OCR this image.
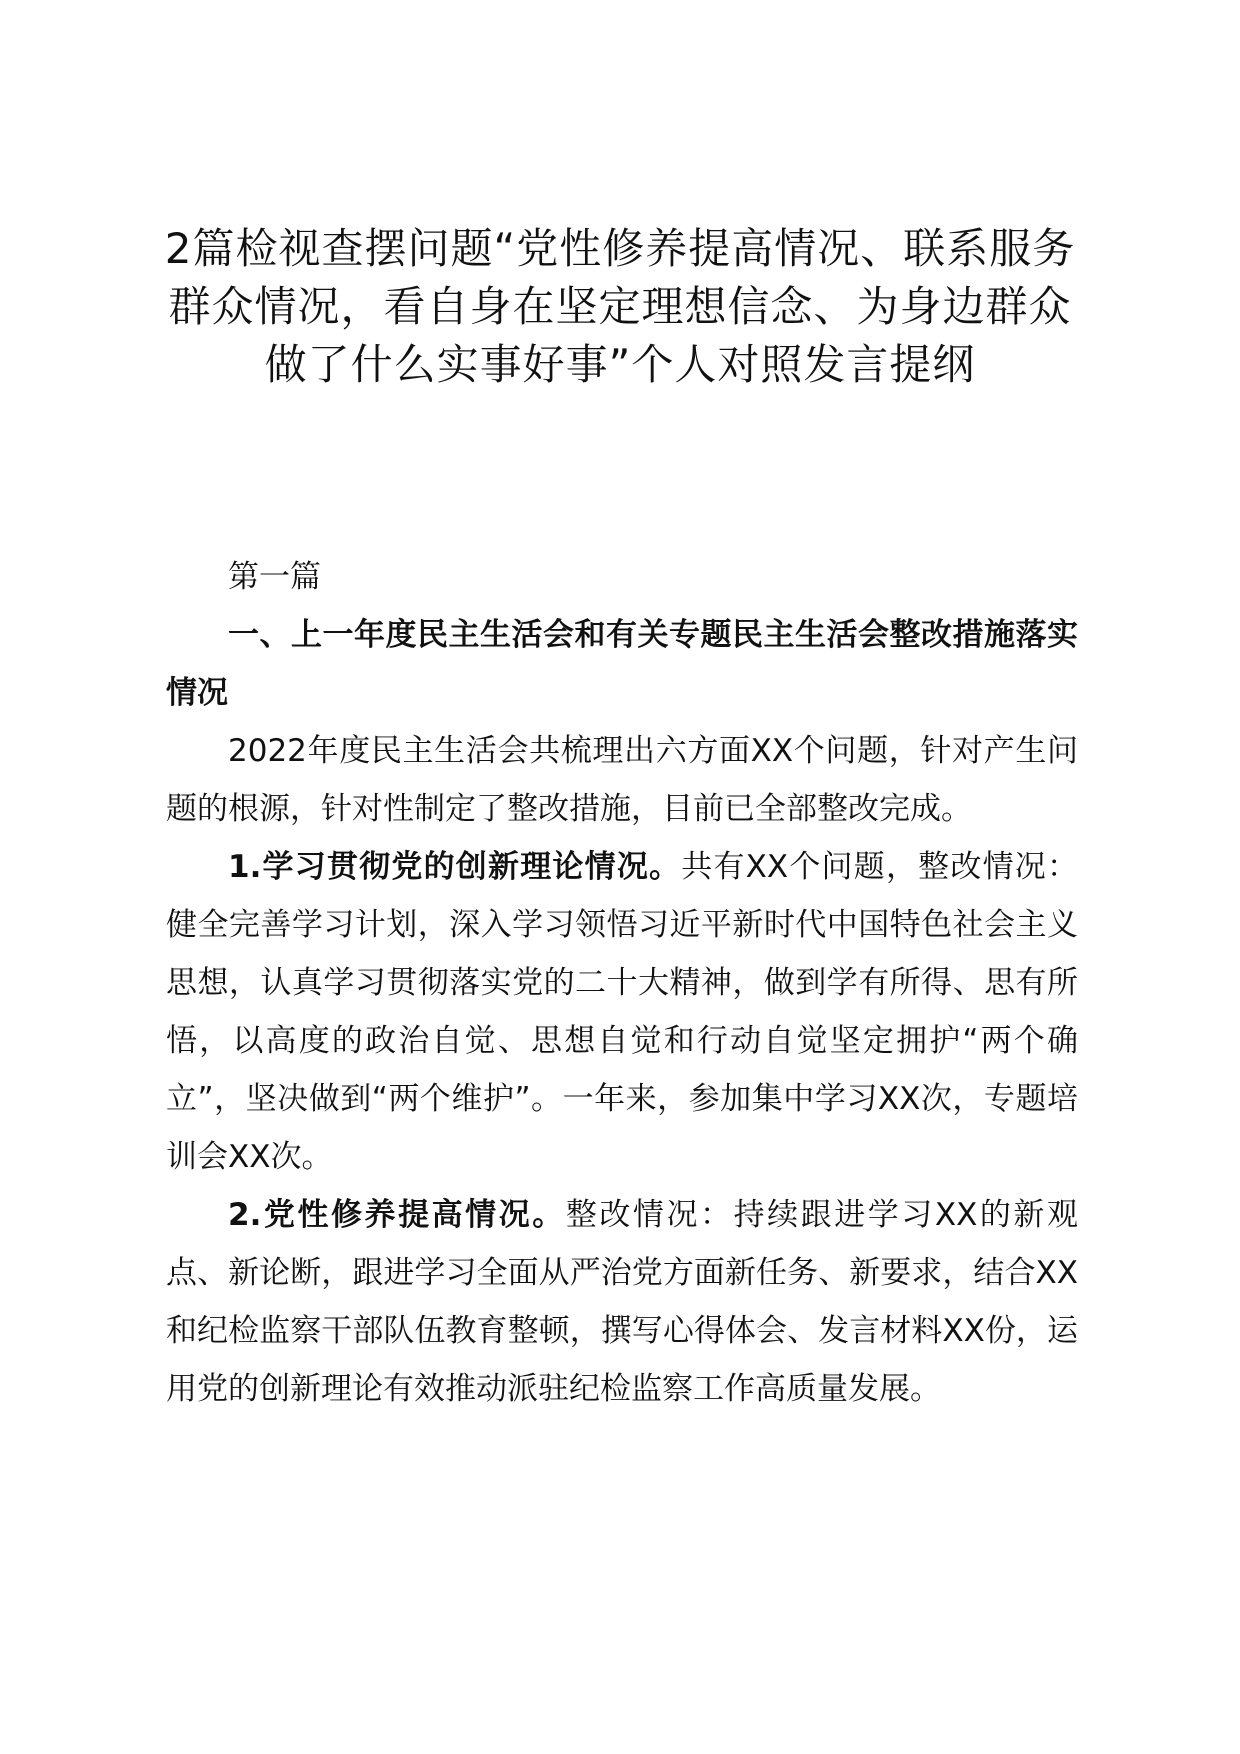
2篇检视查摆问题“党性修养提高情况、联系服务群众情况，看自身在坚定理想信念、为身边群众做了什么实事好事”个人对照发言提纲

第一篇

一、上一年度民主生活会和有关专题民主生活会整改措施落实情况

2022年度民主生活会共梳理出六方面XX个问题，针对产生问题的根源，针对性制定了整改措施，目前已全部整改完成。

1.学习贯彻党的创新理论情况。共有XX个问题，整改情况：健全完善学习计划，深入学习领悟习近平新时代中国特色社会主义思想，认真学习贯彻落实党的二十大精神，做到学有所得、思有所悟，以高度的政治自觉、思想自觉和行动自觉坚定拥护“两个确立”，坚决做到“两个维护”。一年来，参加集中学习XX次，专题培训会XX次。

2.党性修养提高情况。整改情况：持续跟进学习XX的新观点、新论断，跟进学习全面从严治党方面新任务、新要求，结合XX和纪检监察干部队伍教育整顿，撰写心得体会、发言材料XX份，运用党的创新理论有效推动派驻纪检监察工作高质量发展。
